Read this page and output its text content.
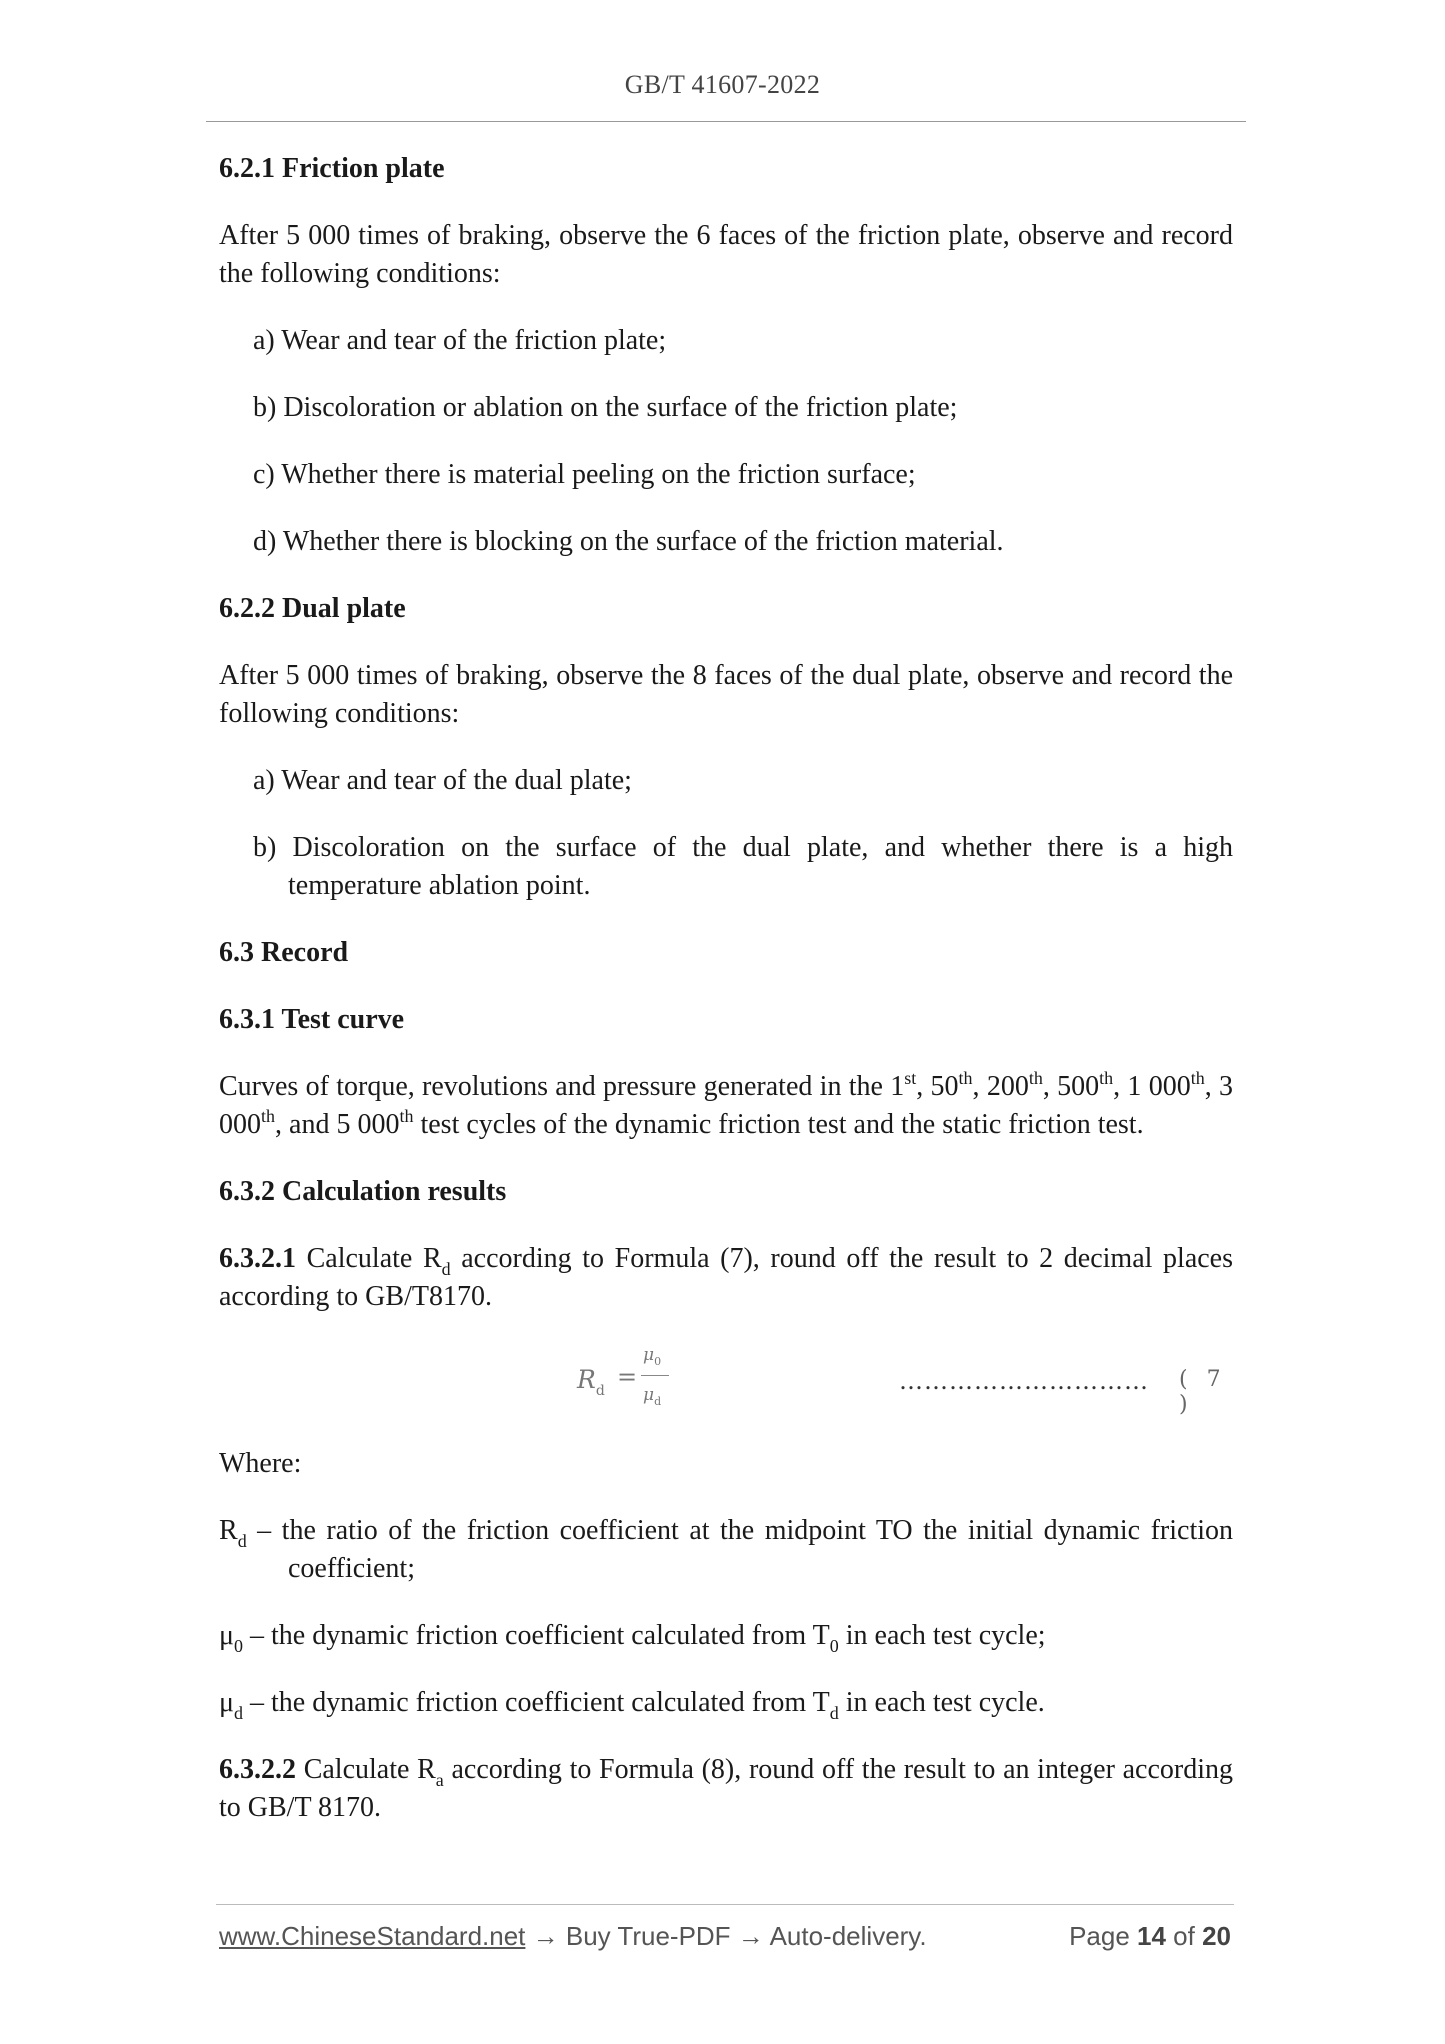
GB/T 41607-2022
6.2.1 Friction plate
After 5 000 times of braking, observe the 6 faces of the friction plate, observe and record the following conditions:
a) Wear and tear of the friction plate;
b) Discoloration or ablation on the surface of the friction plate;
c) Whether there is material peeling on the friction surface;
d) Whether there is blocking on the surface of the friction material.
6.2.2 Dual plate
After 5 000 times of braking, observe the 8 faces of the dual plate, observe and record the following conditions:
a) Wear and tear of the dual plate;
b) Discoloration on the surface of the dual plate, and whether there is a high temperature ablation point.
6.3 Record
6.3.1 Test curve
Curves of torque, revolutions and pressure generated in the 1st, 50th, 200th, 500th, 1 000th, 3 000th, and 5 000th test cycles of the dynamic friction test and the static friction test.
6.3.2 Calculation results
6.3.2.1 Calculate $R_d$ according to Formula (7), round off the result to 2 decimal places according to GB/T8170.
$R_d$ =
$\mu_0$
$\mu_d$
………………………… ( 7 )
Where:
$R_d$ – the ratio of the friction coefficient at the midpoint TO the initial dynamic friction coefficient;
$\mu_0$ – the dynamic friction coefficient calculated from $T_0$ in each test cycle;
$\mu_d$ – the dynamic friction coefficient calculated from $T_d$ in each test cycle.
6.3.2.2 Calculate $R_a$ according to Formula (8), round off the result to an integer according to GB/T 8170.
www.ChineseStandard.net → Buy True-PDF → Auto-delivery.	Page 14 of 20
